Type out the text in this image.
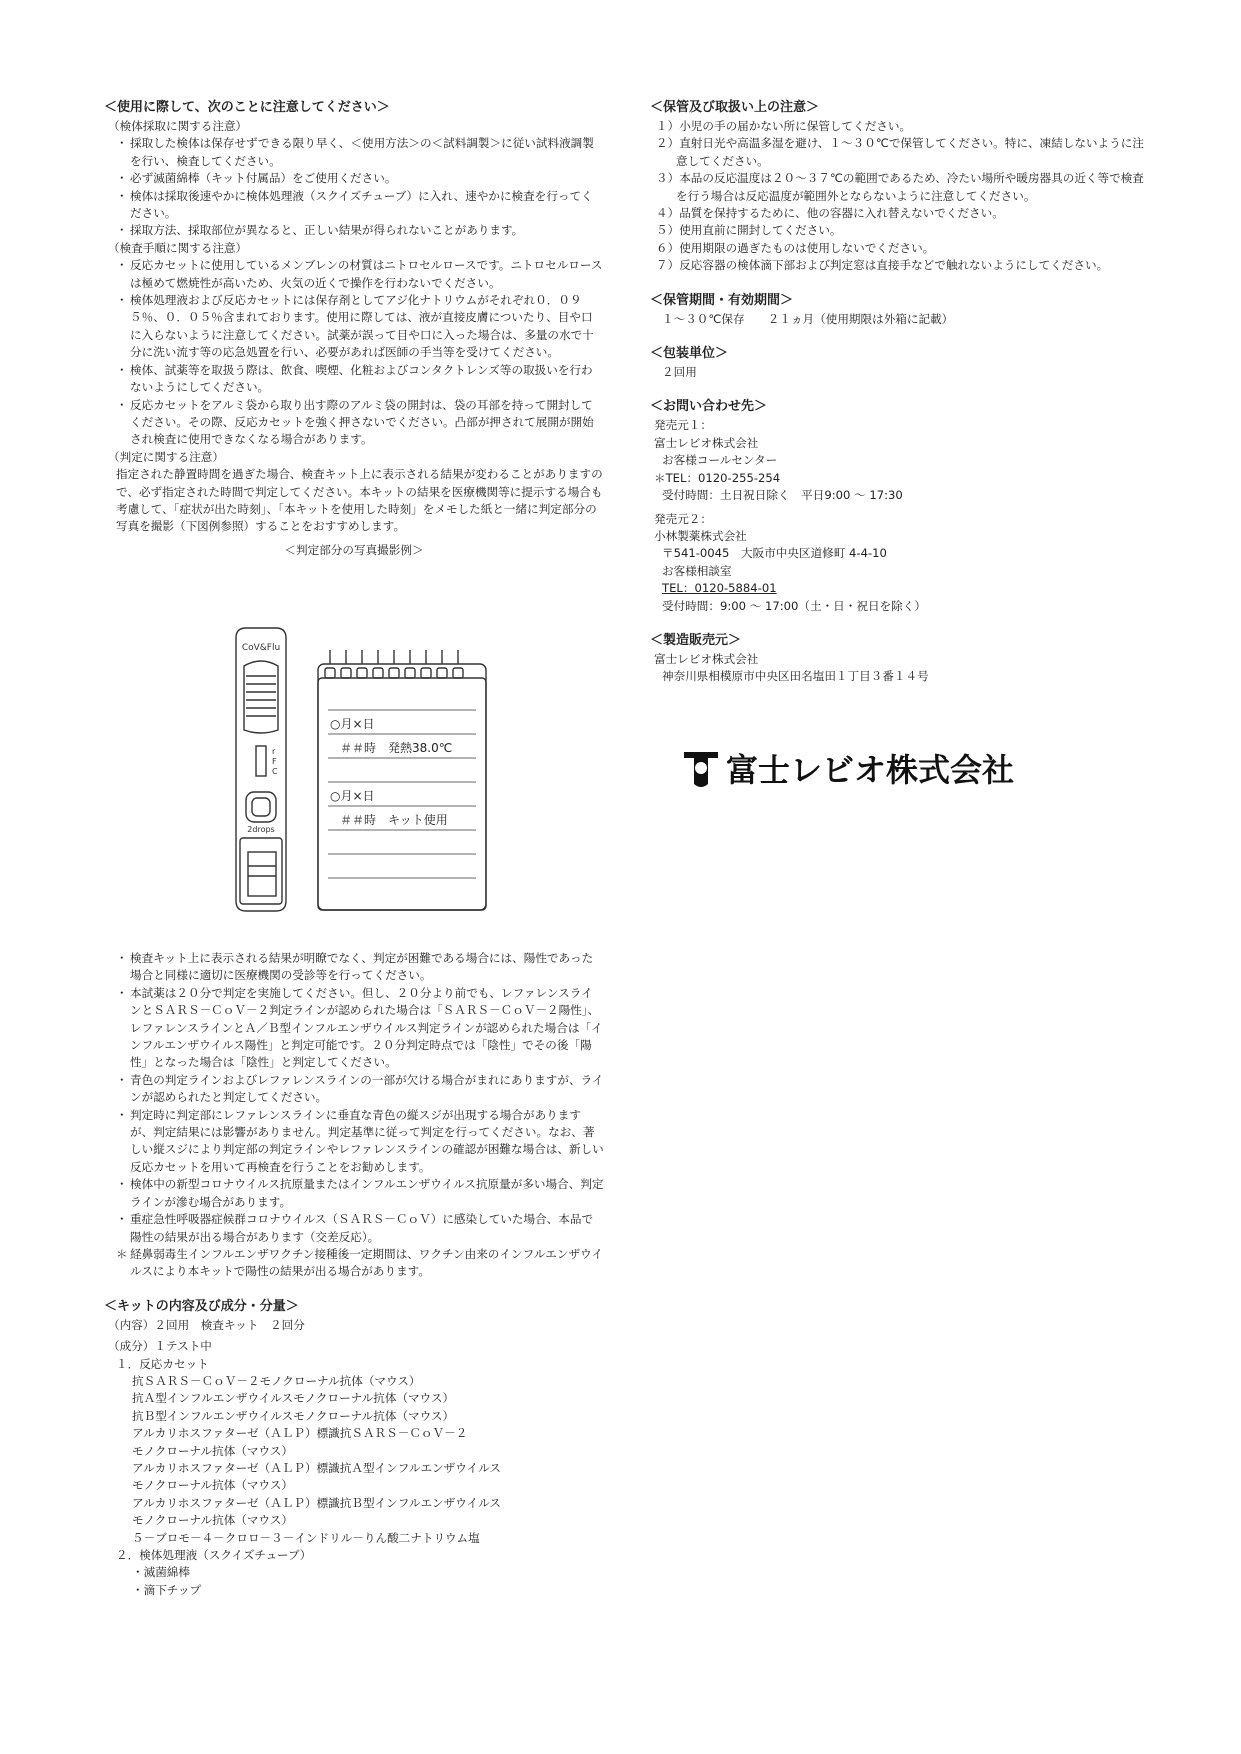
＜使用に際して、次のことに注意してください＞
（検体採取に関する注意）
・ 採取した検体は保存せずできる限り早く、＜使用方法＞の＜試料調製＞に従い試料液調製を行い、検査してください。
・ 必ず滅菌綿棒（キット付属品）をご使用ください。
・ 検体は採取後速やかに検体処理液（スクイズチューブ）に入れ、速やかに検査を行ってください。
・ 採取方法、採取部位が異なると、正しい結果が得られないことがあります。
（検査手順に関する注意）
・ 反応カセットに使用しているメンブレンの材質はニトロセルロースです。ニトロセルロースは極めて燃焼性が高いため、火気の近くで操作を行わないでください。
・ 検体処理液および反応カセットには保存剤としてアジ化ナトリウムがそれぞれ０．０９５％、０．０５％含まれております。使用に際しては、液が直接皮膚についたり、目や口に入らないように注意してください。試薬が誤って目や口に入った場合は、多量の水で十分に洗い流す等の応急処置を行い、必要があれば医師の手当等を受けてください。
・ 検体、試薬等を取扱う際は、飲食、喫煙、化粧およびコンタクトレンズ等の取扱いを行わないようにしてください。
・ 反応カセットをアルミ袋から取り出す際のアルミ袋の開封は、袋の耳部を持って開封してください。その際、反応カセットを強く押さないでください。凸部が押されて展開が開始され検査に使用できなくなる場合があります。
（判定に関する注意）
指定された静置時間を過ぎた場合、検査キット上に表示される結果が変わることがありますので、必ず指定された時間で判定してください。本キットの結果を医療機関等に提示する場合も考慮して、「症状が出た時刻」、「本キットを使用した時刻」をメモした紙と一緒に判定部分の写真を撮影（下図例参照）することをおすすめします。
＜判定部分の写真撮影例＞
CoV&Flu
r
F
C
2drops
○月×日
＃＃時　発熱38.0℃
○月×日
＃＃時　キット使用
・ 検査キット上に表示される結果が明瞭でなく、判定が困難である場合には、陽性であった場合と同様に適切に医療機関の受診等を行ってください。
・ 本試薬は２０分で判定を実施してください。但し、２０分より前でも、レファレンスラインとＳＡＲＳ－ＣｏＶ－２判定ラインが認められた場合は「ＳＡＲＳ－ＣｏＶ－２陽性」、レファレンスラインとＡ／Ｂ型インフルエンザウイルス判定ラインが認められた場合は「インフルエンザウイルス陽性」と判定可能です。２０分判定時点では「陰性」でその後「陽性」となった場合は「陰性」と判定してください。
・ 青色の判定ラインおよびレファレンスラインの一部が欠ける場合がまれにありますが、ラインが認められたと判定してください。
・ 判定時に判定部にレファレンスラインに垂直な青色の縦スジが出現する場合がありますが、判定結果には影響がありません。判定基準に従って判定を行ってください。なお、著しい縦スジにより判定部の判定ラインやレファレンスラインの確認が困難な場合は、新しい反応カセットを用いて再検査を行うことをお勧めします。
・ 検体中の新型コロナウイルス抗原量またはインフルエンザウイルス抗原量が多い場合、判定ラインが滲む場合があります。
・ 重症急性呼吸器症候群コロナウイルス（ＳＡＲＳ－ＣｏＶ）に感染していた場合、本品で陽性の結果が出る場合があります（交差反応）。
＊ 経鼻弱毒生インフルエンザワクチン接種後一定期間は、ワクチン由来のインフルエンザウイルスにより本キットで陽性の結果が出る場合があります。
＜キットの内容及び成分・分量＞
（内容）２回用　検査キット　２回分
（成分）１テスト中
１．反応カセット
抗ＳＡＲＳ－ＣｏＶ－２モノクローナル抗体（マウス）
抗Ａ型インフルエンザウイルスモノクローナル抗体（マウス）
抗Ｂ型インフルエンザウイルスモノクローナル抗体（マウス）
アルカリホスファターゼ（ＡＬＰ）標識抗ＳＡＲＳ－ＣｏＶ－２
モノクローナル抗体（マウス）
アルカリホスファターゼ（ＡＬＰ）標識抗Ａ型インフルエンザウイルス
モノクローナル抗体（マウス）
アルカリホスファターゼ（ＡＬＰ）標識抗Ｂ型インフルエンザウイルス
モノクローナル抗体（マウス）
５－ブロモ－４－クロロ－３－インドリル－りん酸二ナトリウム塩
２．検体処理液（スクイズチューブ）
・滅菌綿棒
・滴下チップ
＜保管及び取扱い上の注意＞
１）小児の手の届かない所に保管してください。
２）直射日光や高温多湿を避け、１～３０℃で保管してください。特に、凍結しないように注意してください。
３）本品の反応温度は２０～３７℃の範囲であるため、冷たい場所や暖房器具の近く等で検査を行う場合は反応温度が範囲外とならないように注意してください。
４）品質を保持するために、他の容器に入れ替えないでください。
５）使用直前に開封してください。
６）使用期限の過ぎたものは使用しないでください。
７）反応容器の検体滴下部および判定窓は直接手などで触れないようにしてください。
＜保管期間・有効期間＞
１～３０℃保存　　２１ヵ月（使用期限は外箱に記載）
＜包装単位＞
２回用
＜お問い合わせ先＞
発売元１：
富士レビオ株式会社
お客様コールセンター
＊TEL：0120-255-254
受付時間：土日祝日除く　平日9:00 ～ 17:30
発売元２：
小林製薬株式会社
〒541-0045　大阪市中央区道修町 4-4-10
お客様相談室
TEL：0120-5884-01
受付時間：9:00 ～ 17:00（土・日・祝日を除く）
＜製造販売元＞
富士レビオ株式会社
神奈川県相模原市中央区田名塩田１丁目３番１４号
富士レビオ株式会社
